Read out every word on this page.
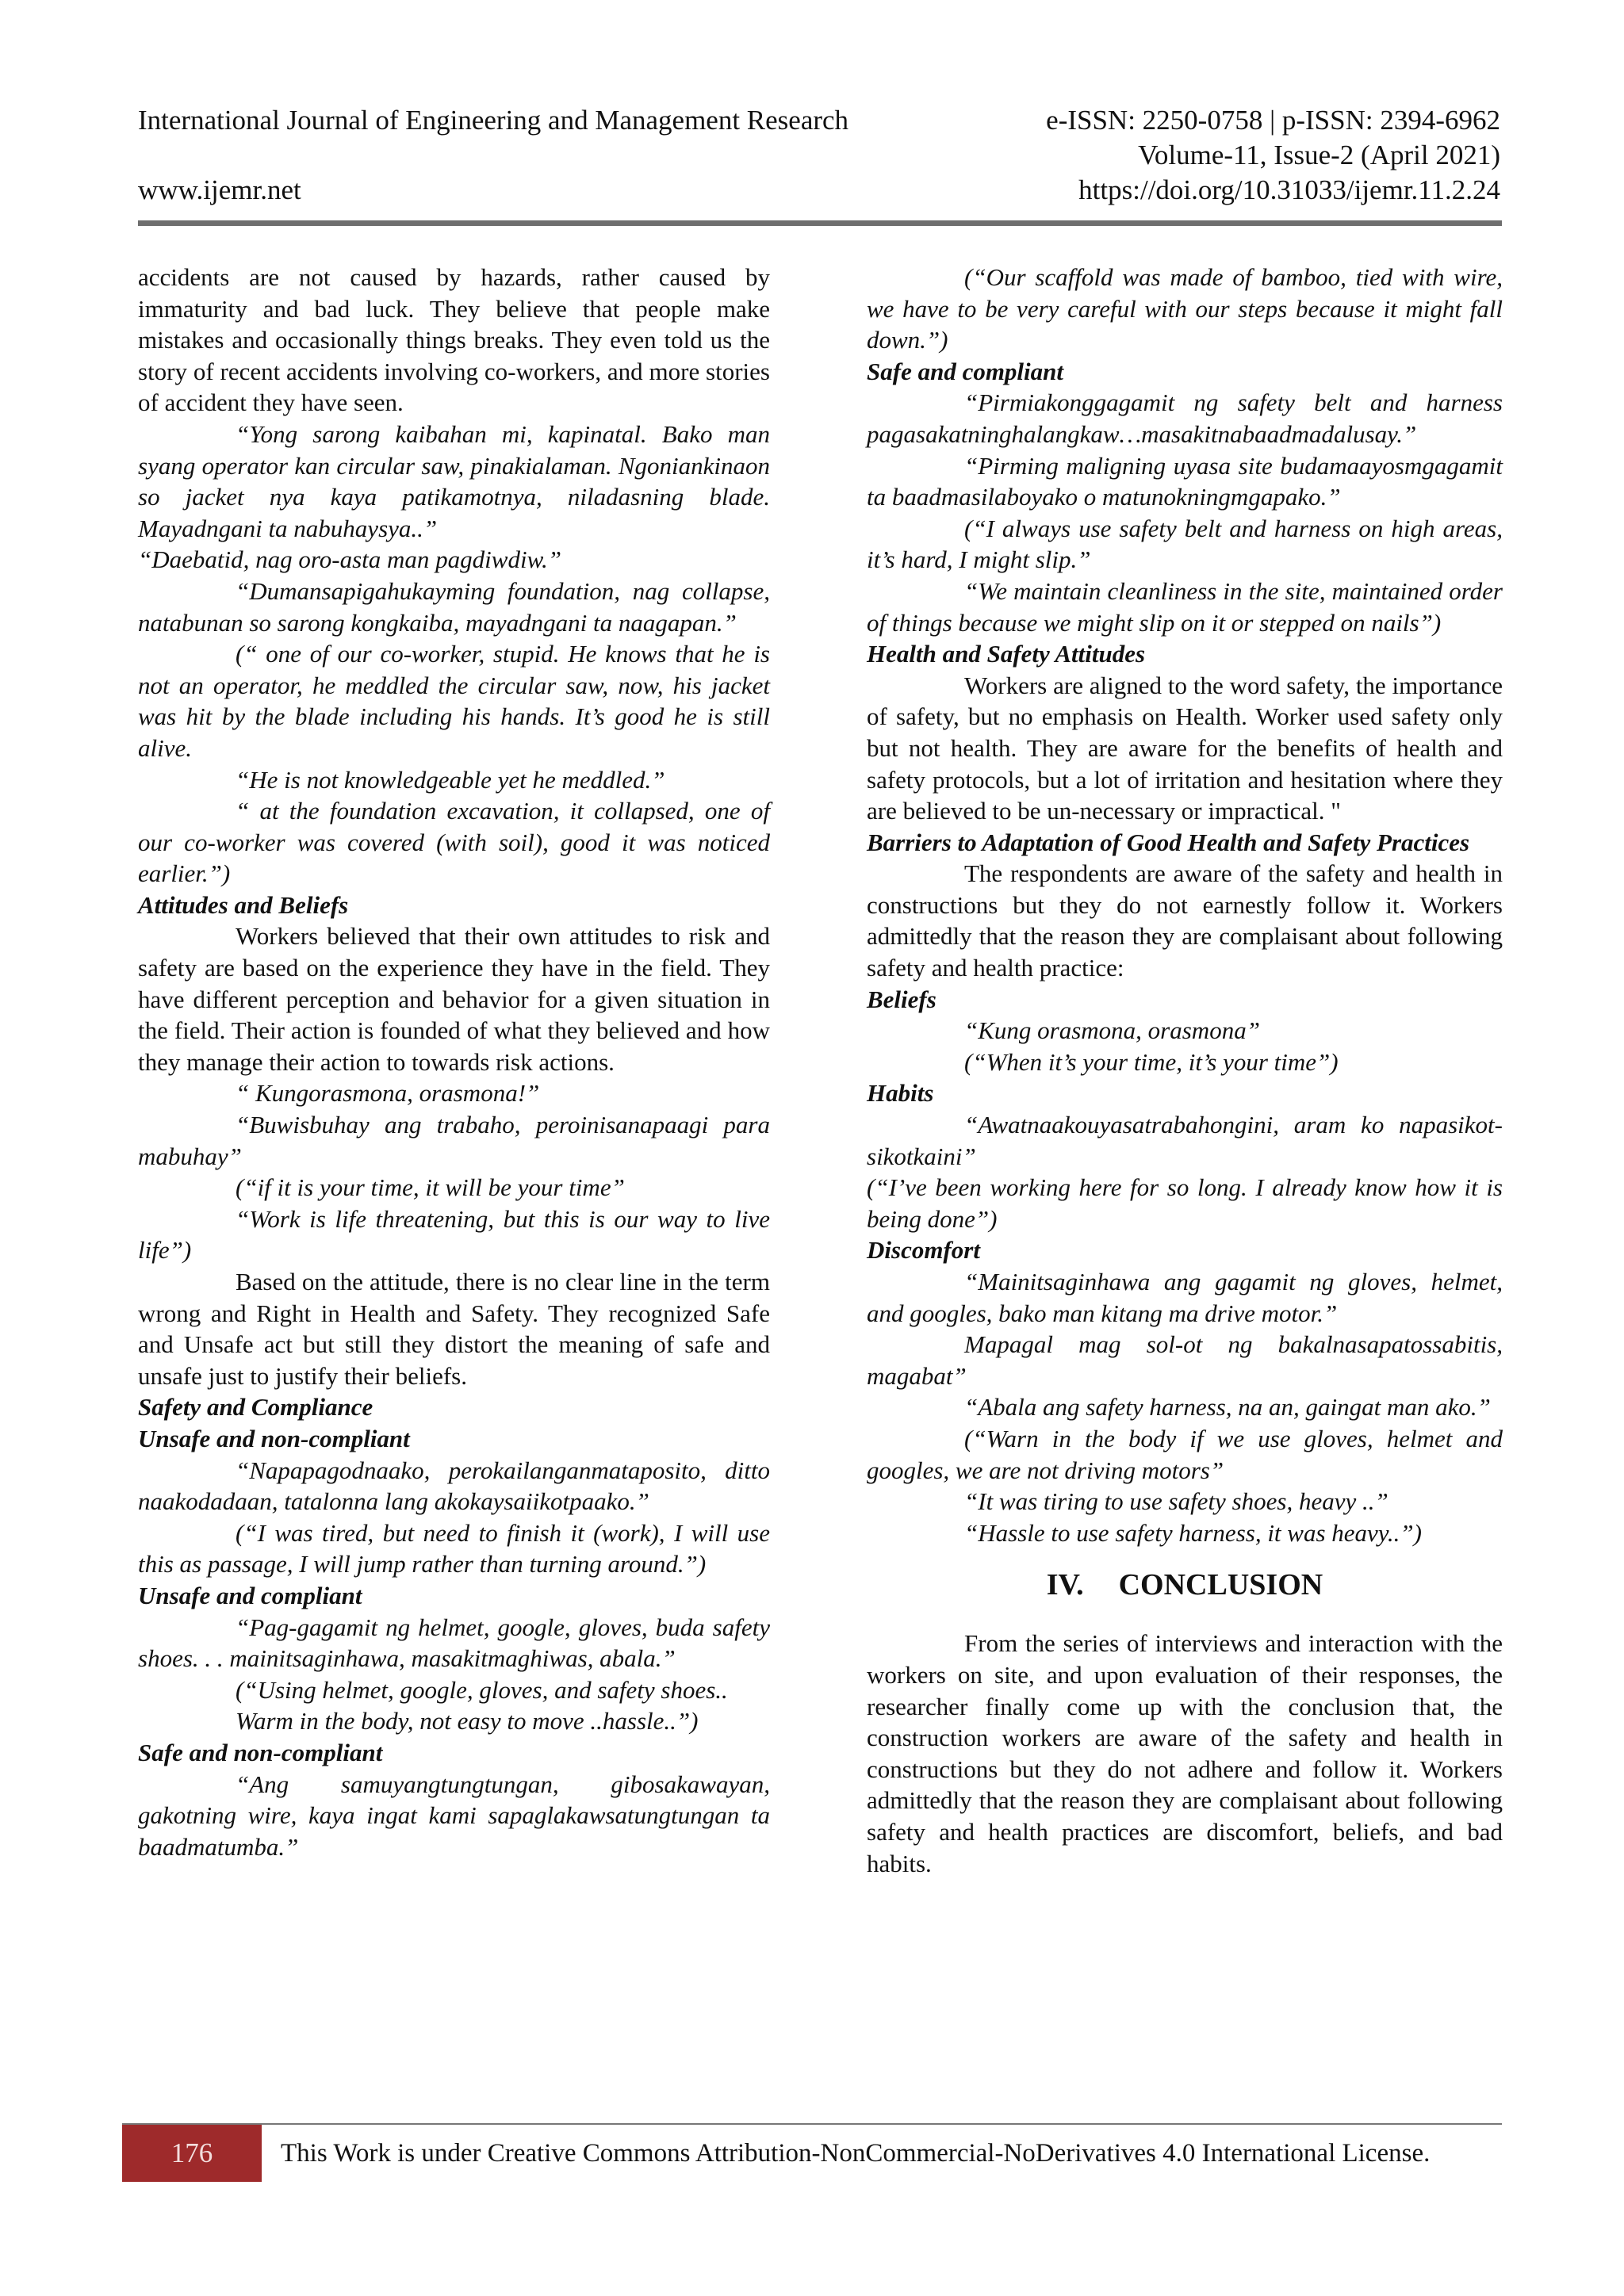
International Journal of Engineering and Management Research	e-ISSN: 2250-0758 | p-ISSN: 2394-6962
Volume-11, Issue-2 (April 2021)
www.ijemr.net	https://doi.org/10.31033/ijemr.11.2.24

accidents are not caused by hazards, rather caused by immaturity and bad luck. They believe that people make mistakes and occasionally things breaks. They even told us the story of recent accidents involving co-workers, and more stories of accident they have seen.

“Yong sarong kaibahan mi, kapinatal. Bako man syang operator kan circular saw, pinakialaman. Ngoniankinaon so jacket nya kaya patikamotnya, niladasning blade. Mayadngani ta nabuhaysya..”

“Daebatid, nag oro-asta man pagdiwdiw.”

“Dumansapigahukayming foundation, nag collapse, natabunan so sarong kongkaiba, mayadngani ta naagapan.”

(“ one of our co-worker, stupid. He knows that he is not an operator, he meddled the circular saw, now, his jacket was hit by the blade including his hands. It’s good he is still alive.

“He is not knowledgeable yet he meddled.”

“ at the foundation excavation, it collapsed, one of our co-worker was covered (with soil), good it was noticed earlier.”)

Attitudes and Beliefs

Workers believed that their own attitudes to risk and safety are based on the experience they have in the field. They have different perception and behavior for a given situation in the field. Their action is founded of what they believed and how they manage their action to towards risk actions.

“ Kungorasmona, orasmona!”

“Buwisbuhay ang trabaho, peroinisanapaagi para mabuhay”

(“if it is your time, it will be your time”

“Work is life threatening, but this is our way to live life”)

Based on the attitude, there is no clear line in the term wrong and Right in Health and Safety. They recognized Safe and Unsafe act but still they distort the meaning of safe and unsafe just to justify their beliefs.

Safety and Compliance

Unsafe and non-compliant

“Napapagodnaako, perokailanganmataposito, ditto naakodadaan, tatalonna lang akokaysaiikotpaako.”

(“I was tired, but need to finish it (work), I will use this as passage, I will jump rather than turning around.”)

Unsafe and compliant

“Pag-gagamit ng helmet, google, gloves, buda safety shoes. . . mainitsaginhawa, masakitmaghiwas, abala.”

(“Using helmet, google, gloves, and safety shoes..

Warm in the body, not easy to move ..hassle..”)

Safe and non-compliant

“Ang samuyangtungtungan, gibosakawayan, gakotning wire, kaya ingat kami sapaglakawsatungtungan ta baadmatumba.”

(“Our scaffold was made of bamboo, tied with wire, we have to be very careful with our steps because it might fall down.”)

Safe and compliant

“Pirmiakonggagamit ng safety belt and harness pagasakatninghalangkaw…masakitnabaadmadalusay.”

“Pirming maligning uyasa site budamaayosmgagamit ta baadmasilaboyako o matunokningmgapako.”

(“I always use safety belt and harness on high areas, it’s hard, I might slip.”

“We maintain cleanliness in the site, maintained order of things because we might slip on it or stepped on nails”)

Health and Safety Attitudes

Workers are aligned to the word safety, the importance of safety, but no emphasis on Health. Worker used safety only but not health. They are aware for the benefits of health and safety protocols, but a lot of irritation and hesitation where they are believed to be un-necessary or impractical. "

Barriers to Adaptation of Good Health and Safety Practices

The respondents are aware of the safety and health in constructions but they do not earnestly follow it. Workers admittedly that the reason they are complaisant about following safety and health practice:

Beliefs

“Kung orasmona, orasmona”

(“When it’s your time, it’s your time”)

Habits

“Awatnaakouyasatrabahongini, aram ko napasikot-sikotkaini”

(“I’ve been working here for so long. I already know how it is being done”)

Discomfort

“Mainitsaginhawa ang gagamit ng gloves, helmet, and googles, bako man kitang ma drive motor.”

Mapagal mag sol-ot ng bakalnasapatossabitis, magabat”

“Abala ang safety harness, na an, gaingat man ako.”

(“Warn in the body if we use gloves, helmet and googles, we are not driving motors”

“It was tiring to use safety shoes, heavy ..”

“Hassle to use safety harness, it was heavy..”)

IV. CONCLUSION

From the series of interviews and interaction with the workers on site, and upon evaluation of their responses, the researcher finally come up with the conclusion that, the construction workers are aware of the safety and health in constructions but they do not adhere and follow it. Workers admittedly that the reason they are complaisant about following safety and health practices are discomfort, beliefs, and bad habits.

176	This Work is under Creative Commons Attribution-NonCommercial-NoDerivatives 4.0 International License.
